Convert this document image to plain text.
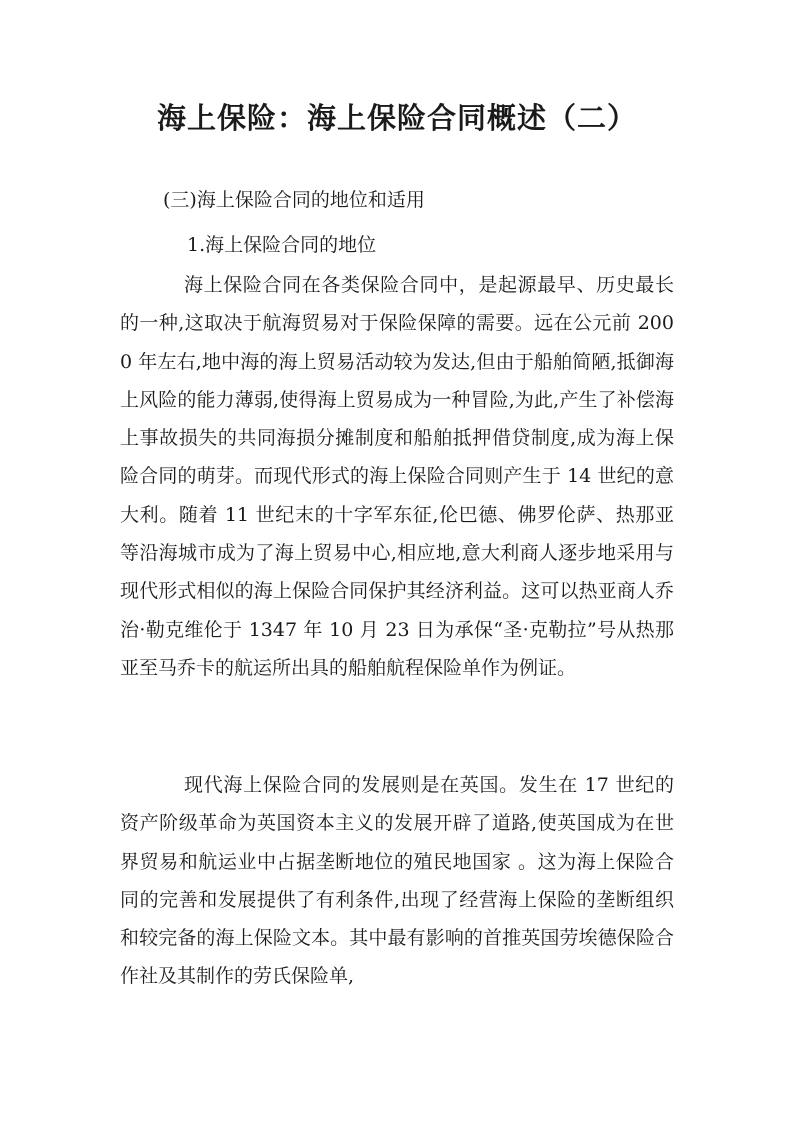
海上保险：海上保险合同概述（二）

(三)海上保险合同的地位和适用

1.海上保险合同的地位

海上保险合同在各类保险合同中，是起源最早、历史最长的一种,这取决于航海贸易对于保险保障的需要。远在公元前 2000 年左右,地中海的海上贸易活动较为发达,但由于船舶简陋,抵御海上风险的能力薄弱,使得海上贸易成为一种冒险,为此,产生了补偿海上事故损失的共同海损分摊制度和船舶抵押借贷制度,成为海上保险合同的萌芽。而现代形式的海上保险合同则产生于 14 世纪的意大利。随着 11 世纪末的十字军东征,伦巴德、佛罗伦萨、热那亚等沿海城市成为了海上贸易中心,相应地,意大利商人逐步地采用与现代形式相似的海上保险合同保护其经济利益。这可以热亚商人乔治·勒克维伦于 1347 年 10 月 23 日为承保“圣·克勒拉”号从热那亚至马乔卡的航运所出具的船舶航程保险单作为例证。

现代海上保险合同的发展则是在英国。发生在 17 世纪的资产阶级革命为英国资本主义的发展开辟了道路,使英国成为在世界贸易和航运业中占据垄断地位的殖民地国家 。这为海上保险合同的完善和发展提供了有利条件,出现了经营海上保险的垄断组织和较完备的海上保险文本。其中最有影响的首推英国劳埃德保险合作社及其制作的劳氏保险单,
